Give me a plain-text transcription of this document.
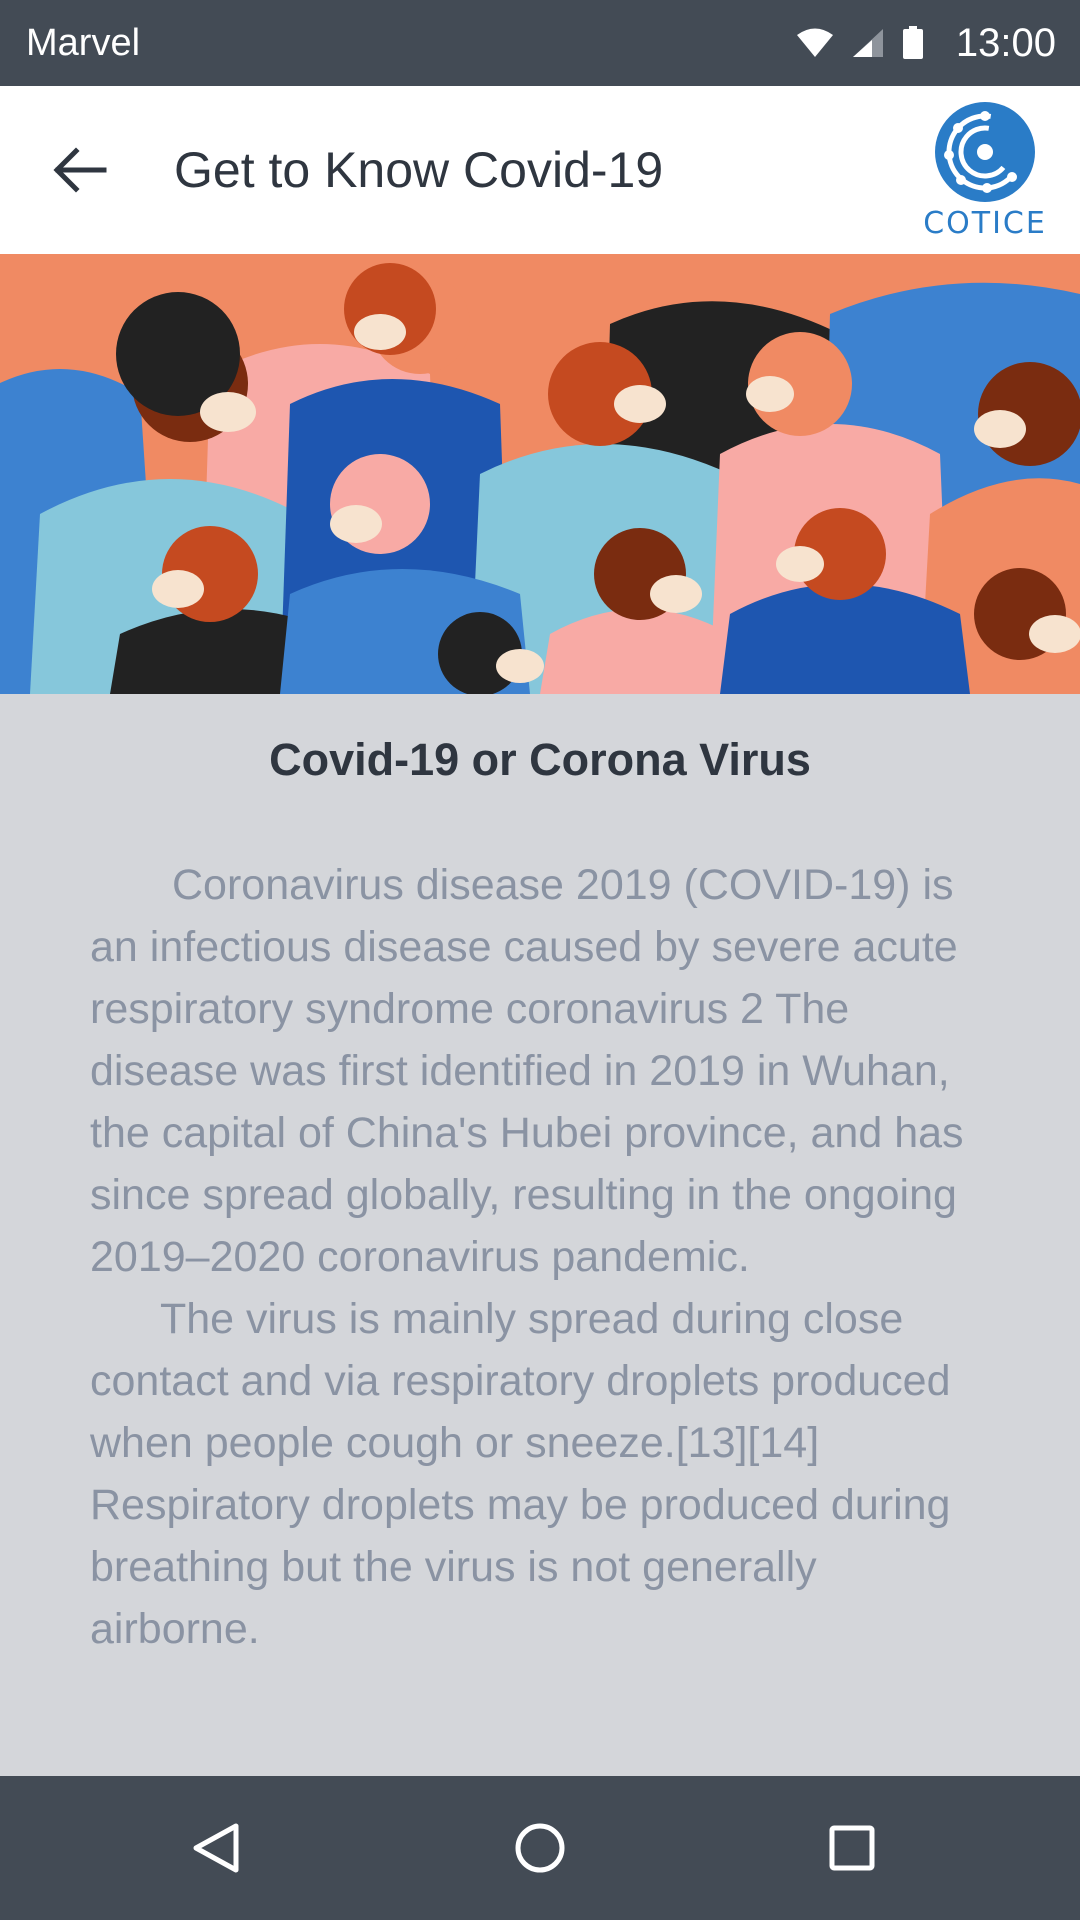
Marvel	13:00
Get to Know Covid-19
COTICE
Covid-19 or Corona Virus
Coronavirus disease 2019 (COVID-19) is an infectious disease caused by severe acute respiratory syndrome coronavirus 2 The disease was first identified in 2019 in Wuhan, the capital of China's Hubei province, and has since spread globally, resulting in the ongoing 2019–2020 coronavirus pandemic.
The virus is mainly spread during close contact and via respiratory droplets produced when people cough or sneeze.[13][14] Respiratory droplets may be produced during breathing but the virus is not generally airborne.
